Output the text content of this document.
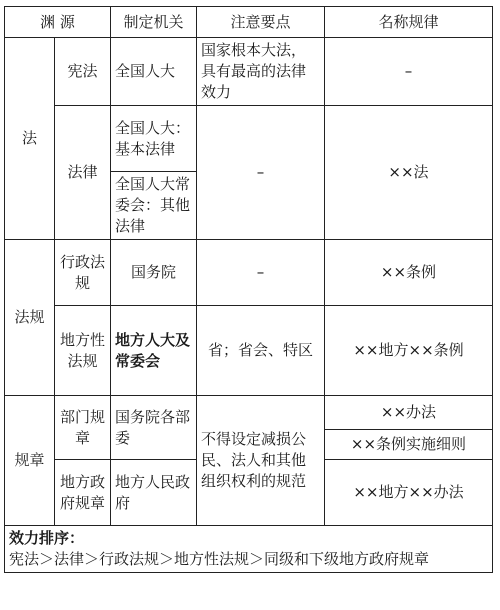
渊 源		制定机关	注意要点	名称规律
法	宪法	全国人大	国家根本大法，具有最高的法律效力	–
	法律	全国人大：基本法律	–	××法
		全国人大常委会：其他法律		
法规	行政法规	国务院	–	××条例
	地方性法规	地方人大及常委会	省；省会、特区	××地方××条例
规章	部门规章	国务院各部委	不得设定减损公民、法人和其他组织权利的规范	××办法
				××条例实施细则
	地方政府规章	地方人民政府		××地方××办法

效力排序：
宪法＞法律＞行政法规＞地方性法规＞同级和下级地方政府规章				
